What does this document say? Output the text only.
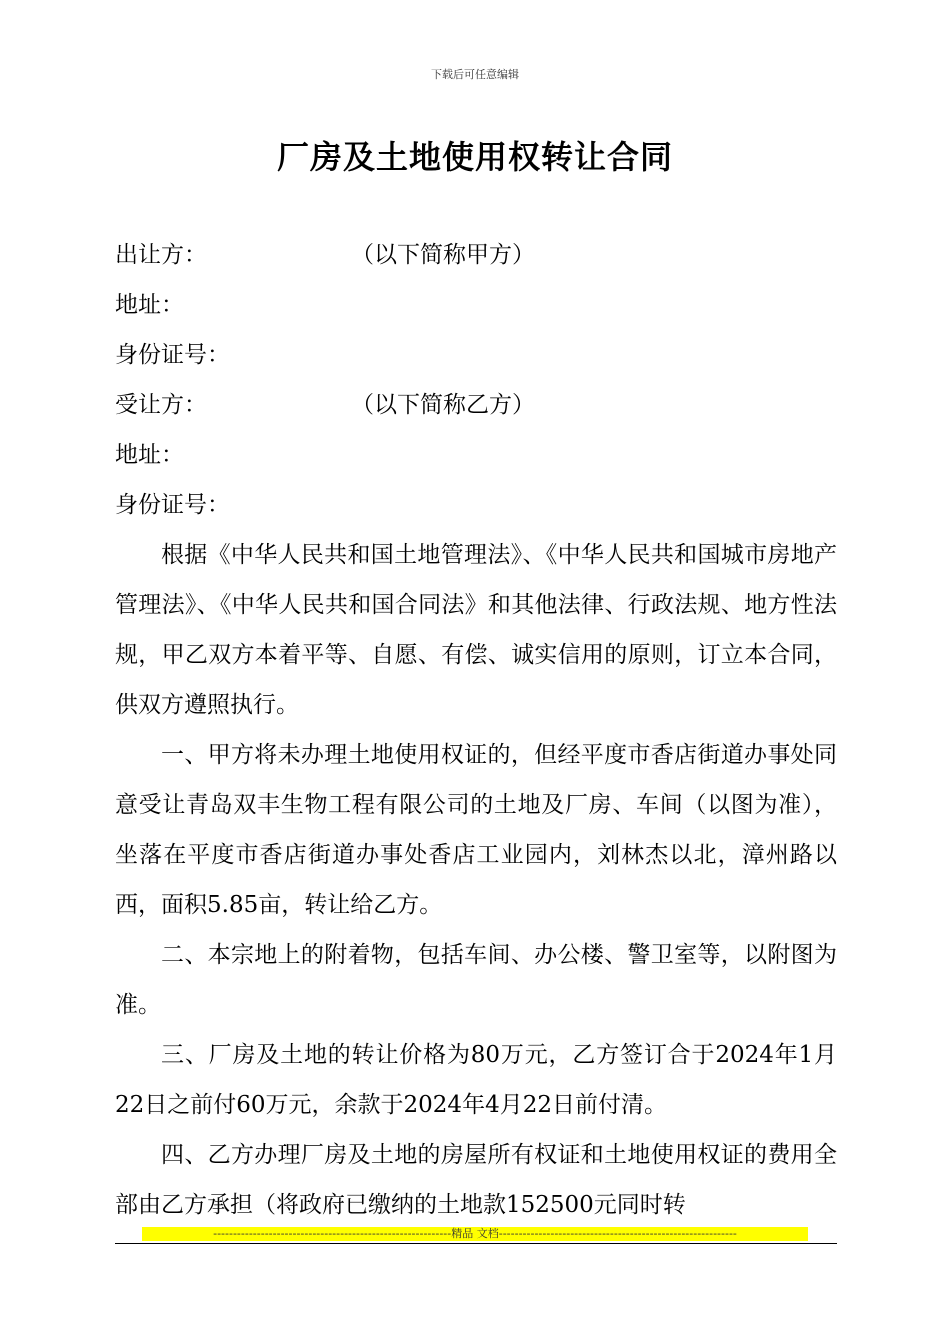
下载后可任意编辑
厂房及土地使用权转让合同
出让方：	（以下简称甲方）
地址：
身份证号：
受让方：	（以下简称乙方）
地址：
身份证号：

根据《中华人民共和国土地管理法》、《中华人民共和国城市房地产管理法》、《中华人民共和国合同法》和其他法律、行政法规、地方性法规，甲乙双方本着平等、自愿、有偿、诚实信用的原则，订立本合同，供双方遵照执行。

一、甲方将未办理土地使用权证的，但经平度市香店街道办事处同意受让青岛双丰生物工程有限公司的土地及厂房、车间（以图为准），坐落在平度市香店街道办事处香店工业园内，刘林杰以北，漳州路以西，面积5.85亩，转让给乙方。

二、本宗地上的附着物，包括车间、办公楼、警卫室等，以附图为准。

三、厂房及土地的转让价格为80万元，乙方签订合于2024年1月22日之前付60万元，余款于2024年4月22日前付清。

四、乙方办理厂房及土地的房屋所有权证和土地使用权证的费用全部由乙方承担（将政府已缴纳的土地款152500元同时转

------------------------------------------------------------精品 文档------------------------------------------------------------
